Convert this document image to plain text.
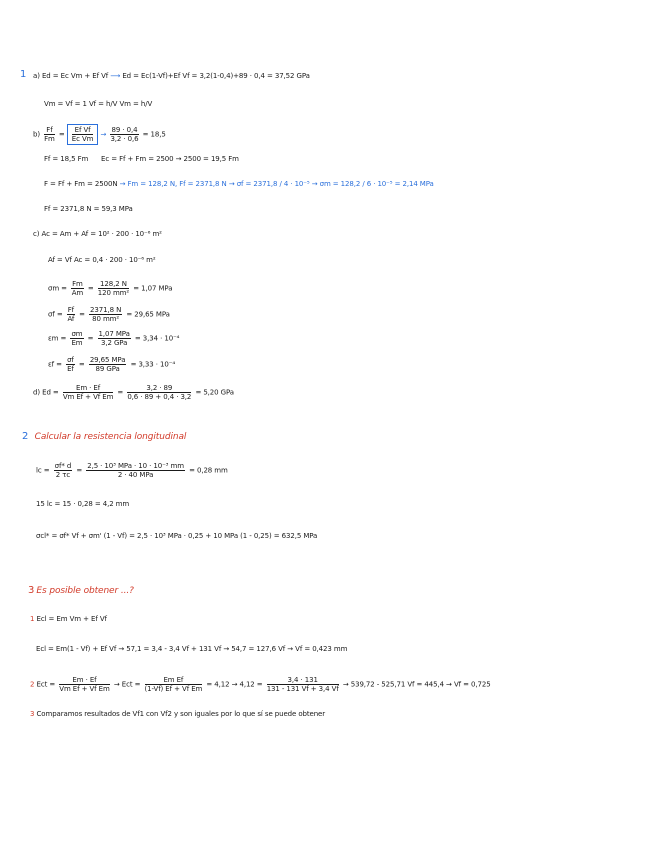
1 a) Ed = Ec Vm + Ef Vf ⟶ Ed = Ec(1-Vf)+Ef Vf = 3,2(1-0,4)+89 · 0,4 = 37,52 GPa
Vm = Vf = 1 Vf = h/V Vm = h/V
$b) \frac{Ff}{Fm} = \frac{\text{Ef Vf}}{\text{Ec Vm}} \to \frac{89 \cdot 0,4}{3,2 \cdot 0,6} = 18,5$
Ff = 18,5 Fm Ec = Ff + Fm = 2500 → 2500 = 19,5 Fm
F = Ff + Fm = 2500N → Fm = 128,2 N, Ff = 2371,8 N → σf = 2371,8 / 4 · 10⁻⁵ → σm = 128,2 / 6 · 10⁻⁵ = 2,14 MPa
Ff = 2371,8 N = 59,3 MPa
c) Ac = Am + Af = 10² · 200 · 10⁻⁶ m²
Af = Vf Ac = 0,4 · 200 · 10⁻⁶ m²
$\sigma m = \frac{Fm}{Am} = \frac{128,2 N}{\text{120 mm²}} = 1,07$ MPa
$\sigma f = \frac{Ff}{Af} = \frac{2371,8 N}{\text{80 mm²}} = 29,65$ MPa
$\varepsilon m = \frac{\sigma m}{Em} = \frac{\text{1,07 MPa}}{\text{3,2 GPa}} = 3,34 \cdot 10^{-4}$
$\varepsilon f = \frac{\sigma f}{Ef} = \frac{\text{29,65 MPa}}{\text{89 GPa}} = 3,33 \cdot 10^{-4}$
d) $Ed = \frac{Em \cdot Ef}{\text{Vm Ef + Vf Em}} = \frac{3,2 \cdot 89}{0,6 \cdot 89 + 0,4 \cdot 3,2} = 5,20$ GPa
2 Calcular la resistencia longitudinal
lc = $\frac{\sigma f* d}{2 \tau c} = \frac{\text{2,5 · 10³ MPa · 10 · 10⁻³ mm}}{\text{2 · 40 MPa}} = 0,28$ mm
15 lc = 15 · 0,28 = 4,2 mm
σcl* = σf* Vf + σm' (1 - Vf) = 2,5 · 10³ MPa · 0,25 + 10 MPa (1 - 0,25) = 632,5 MPa
3 Es posible obtener ...?
1 Ecl = Em Vm + Ef Vf
Ecl = Em(1 - Vf) + Ef Vf → 57,1 = 3,4 - 3,4 Vf + 131 Vf → 54,7 = 127,6 Vf → Vf = 0,423 mm
2 Ect = $\frac{Em \cdot Ef}{\text{Vm Ef + Vf Em}}$ → Ect = $\frac{\text{Em Ef}}{\text{(1-Vf) Ef + Vf Em}} = 4,12 \to 4,12 = \frac{3,4 \cdot 131}{131 - 131 Vf + 3,4 Vf} \to 539,72 - 525,71$ Vf = 445,4 → Vf = 0,725
3 Comparamos resultados de Vf1 con Vf2 y son iguales por lo que sí se puede obtener
